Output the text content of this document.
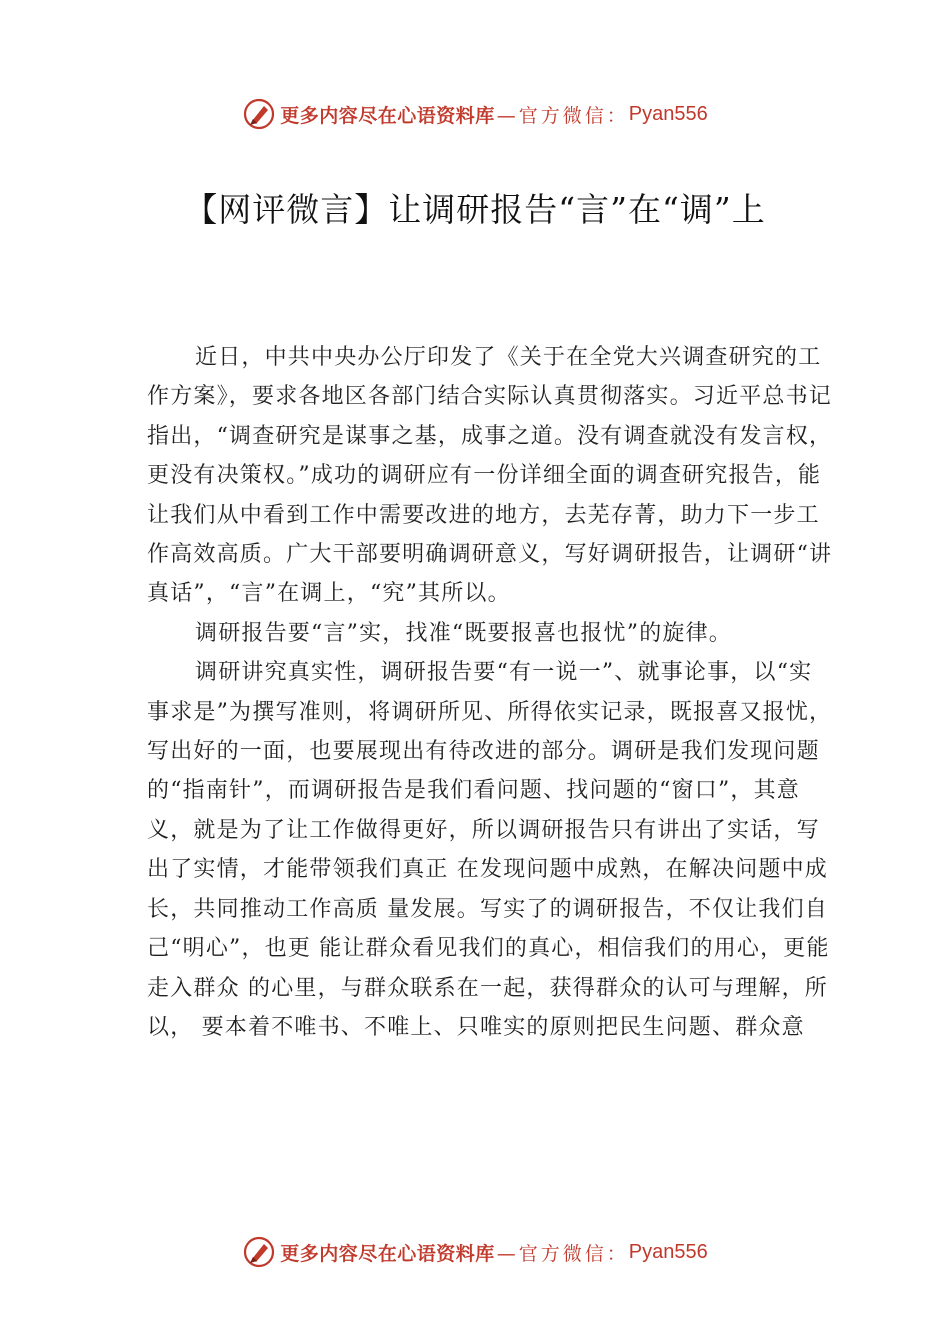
更多内容尽在心语资料库 —官方微信： Pyan556
【网评微言】让调研报告“言”在“调”上

近日，中共中央办公厅印发了《关于在全党大兴调查研究的工作方案》，要求各地区各部门结合实际认真贯彻落实。习近平总书记指出，“调查研究是谋事之基，成事之道。没有调查就没有发言权，更没有决策权。”成功的调研应有一份详细全面的调查研究报告，能让我们从中看到工作中需要改进的地方，去芜存菁，助力下一步工作高效高质。广大干部要明确调研意义，写好调研报告，让调研“讲真话”，“言”在调上，“究”其所以。

调研报告要“言”实，找准“既要报喜也报忧”的旋律。

调研讲究真实性，调研报告要“有一说一”、就事论事，以“实事求是”为撰写准则，将调研所见、所得依实记录，既报喜又报忧，写出好的一面，也要展现出有待改进的部分。调研是我们发现问题的“指南针”，而调研报告是我们看问题、找问题的“窗口”，其意义，就是为了让工作做得更好，所以调研报告只有讲出了实话，写出了实情，才能带领我们真正 在发现问题中成熟，在解决问题中成长，共同推动工作高质 量发展。写实了的调研报告，不仅让我们自己“明心”，也更 能让群众看见我们的真心，相信我们的用心，更能走入群众 的心里，与群众联系在一起，获得群众的认可与理解，所以， 要本着不唯书、不唯上、只唯实的原则把民生问题、群众意

更多内容尽在心语资料库 —官方微信： Pyan556
